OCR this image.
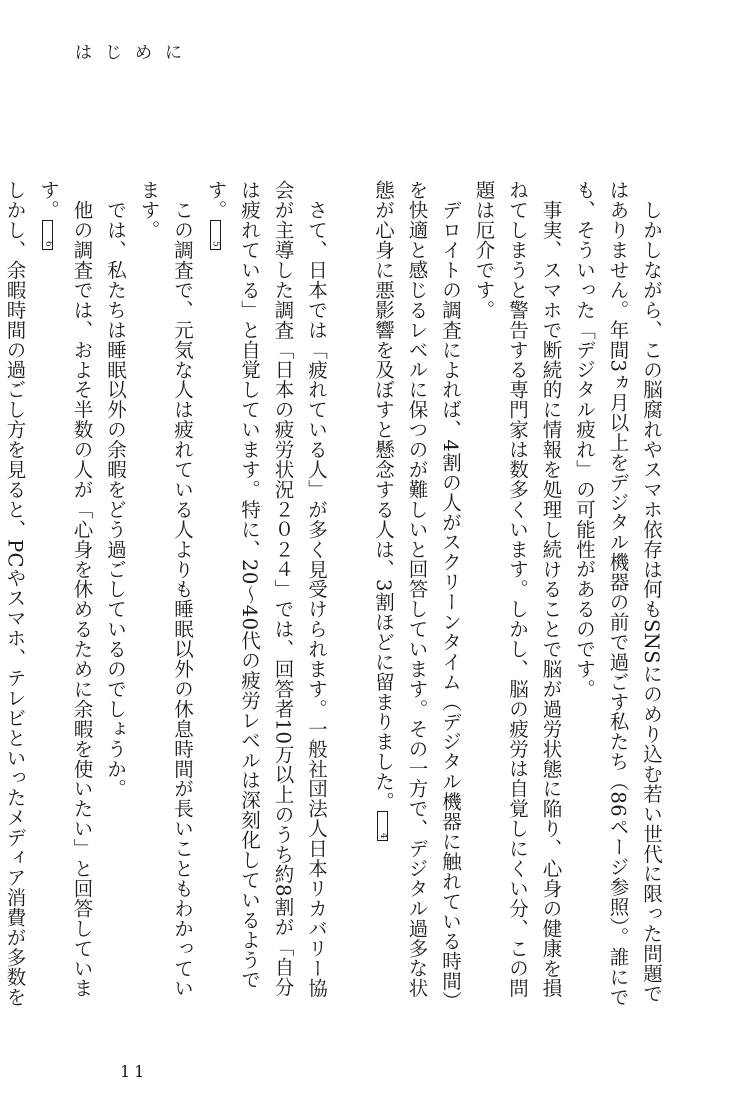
はじめに

しかしながら、この脳腐れやスマホ依存は何もSNSにのめり込む若い世代に限った問題ではありません。年間3ヵ月以上をデジタル機器の前で過ごす私たち（86ページ参照）。誰にでも、そういった「デジタル疲れ」の可能性があるのです。

事実、スマホで断続的に情報を処理し続けることで脳が過労状態に陥り、心身の健康を損ねてしまうと警告する専門家は数多くいます。しかし、脳の疲労は自覚しにくい分、この問題は厄介です。

デロイトの調査によれば、4割の人がスクリーンタイム（デジタル機器に触れている時間）を快適と感じるレベルに保つのが難しいと回答しています。その一方で、デジタル過多な状態が心身に悪影響を及ぼすと懸念する人は、3割ほどに留まりました。4

さて、日本では「疲れている人」が多く見受けられます。一般社団法人日本リカバリー協会が主導した調査「日本の疲労状況２０２４」では、回答者10万以上のうち約8割が「自分は疲れている」と自覚しています。特に、20〜40代の疲労レベルは深刻化しているようです。5

この調査で、元気な人は疲れている人よりも睡眠以外の休息時間が長いこともわかっています。

では、私たちは睡眠以外の余暇をどう過ごしているのでしょうか。

他の調査では、およそ半数の人が「心身を休めるために余暇を使いたい」と回答しています。6

しかし、余暇時間の過ごし方を見ると、PCやスマホ、テレビといったメディア消費が多数を

11
